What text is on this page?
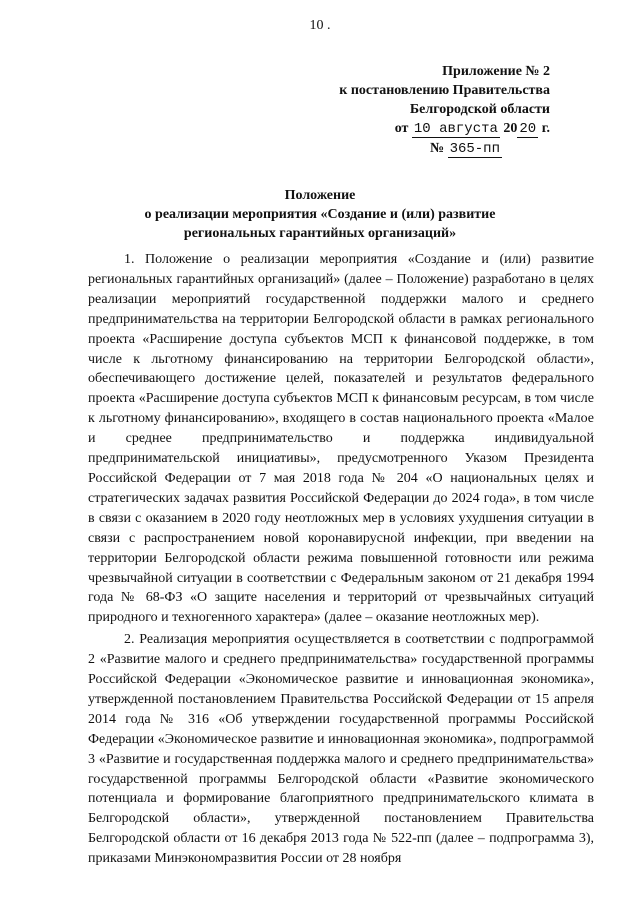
10 .
Приложение № 2
к постановлению Правительства
Белгородской области
от 10 августа 20 20 г.
№ 365-пп
Положение
о реализации мероприятия «Создание и (или) развитие
региональных гарантийных организаций»

1. Положение о реализации мероприятия «Создание и (или) развитие региональных гарантийных организаций» (далее – Положение) разработано в целях реализации мероприятий государственной поддержки малого и среднего предпринимательства на территории Белгородской области в рамках регионального проекта «Расширение доступа субъектов МСП к финансовой поддержке, в том числе к льготному финансированию на территории Белгородской области», обеспечивающего достижение целей, показателей и результатов федерального проекта «Расширение доступа субъектов МСП к финансовым ресурсам, в том числе к льготному финансированию», входящего в состав национального проекта «Малое и среднее предпринимательство и поддержка индивидуальной предпринимательской инициативы», предусмотренного Указом Президента Российской Федерации от 7 мая 2018 года № 204 «О национальных целях и стратегических задачах развития Российской Федерации до 2024 года», в том числе в связи с оказанием в 2020 году неотложных мер в условиях ухудшения ситуации в связи с распространением новой коронавирусной инфекции, при введении на территории Белгородской области режима повышенной готовности или режима чрезвычайной ситуации в соответствии с Федеральным законом от 21 декабря 1994 года № 68-ФЗ «О защите населения и территорий от чрезвычайных ситуаций природного и техногенного характера» (далее – оказание неотложных мер).

2. Реализация мероприятия осуществляется в соответствии с подпрограммой 2 «Развитие малого и среднего предпринимательства» государственной программы Российской Федерации «Экономическое развитие и инновационная экономика», утвержденной постановлением Правительства Российской Федерации от 15 апреля 2014 года № 316 «Об утверждении государственной программы Российской Федерации «Экономическое развитие и инновационная экономика», подпрограммой 3 «Развитие и государственная поддержка малого и среднего предпринимательства» государственной программы Белгородской области «Развитие экономического потенциала и формирование благоприятного предпринимательского климата в Белгородской области», утвержденной постановлением Правительства Белгородской области от 16 декабря 2013 года № 522-пп (далее – подпрограмма 3), приказами Минэкономразвития России от 28 ноября
